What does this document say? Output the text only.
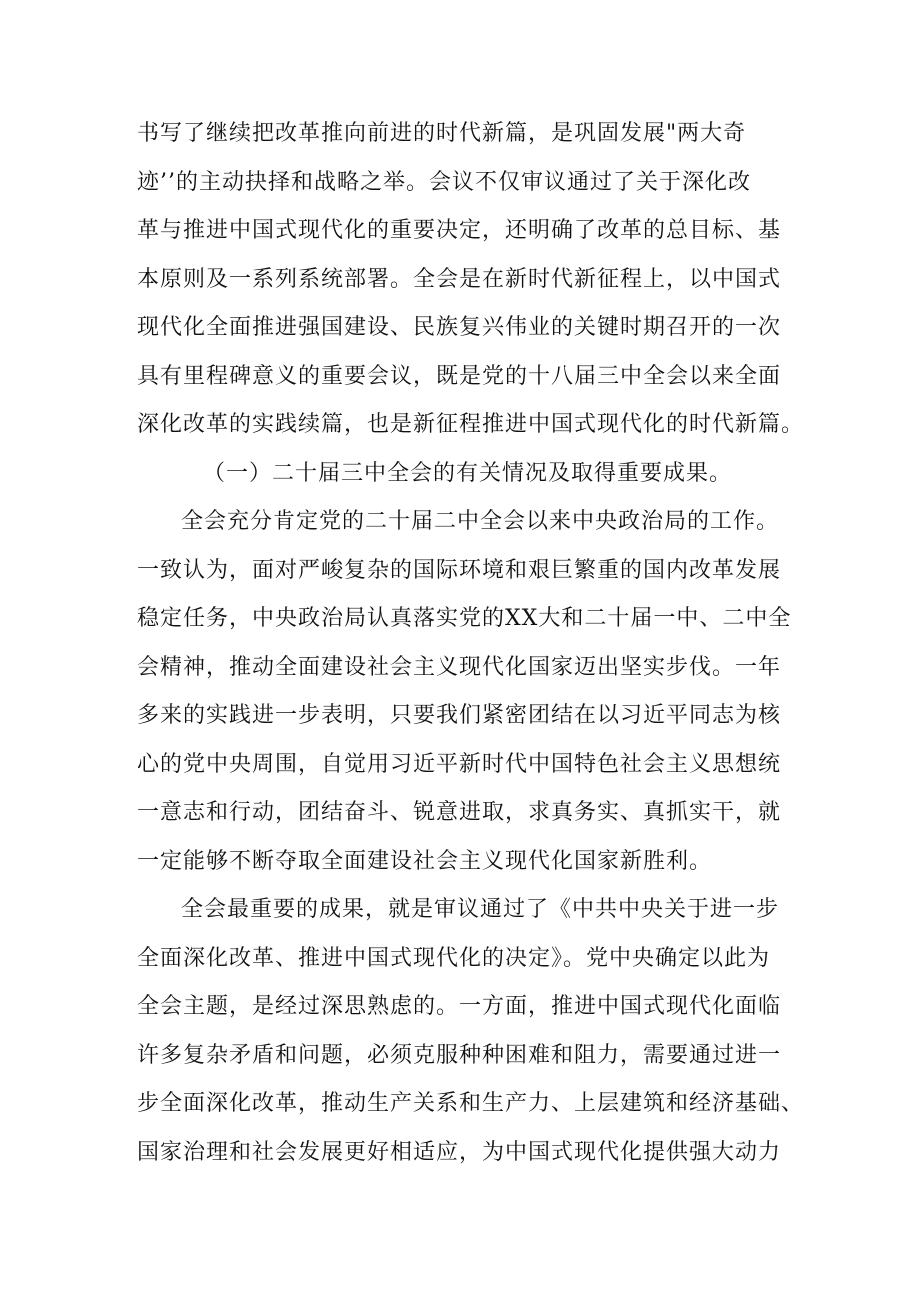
书写了继续把改革推向前进的时代新篇，是巩固发展"两大奇
迹’’的主动抉择和战略之举。会议不仅审议通过了关于深化改
革与推进中国式现代化的重要决定，还明确了改革的总目标、基
本原则及一系列系统部署。全会是在新时代新征程上，以中国式
现代化全面推进强国建设、民族复兴伟业的关键时期召开的一次
具有里程碑意义的重要会议，既是党的十八届三中全会以来全面
深化改革的实践续篇，也是新征程推进中国式现代化的时代新篇。
（一）二十届三中全会的有关情况及取得重要成果。
全会充分肯定党的二十届二中全会以来中央政治局的工作。
一致认为，面对严峻复杂的国际环境和艰巨繁重的国内改革发展
稳定任务，中央政治局认真落实党的XX大和二十届一中、二中全
会精神，推动全面建设社会主义现代化国家迈出坚实步伐。一年
多来的实践进一步表明，只要我们紧密团结在以习近平同志为核
心的党中央周围，自觉用习近平新时代中国特色社会主义思想统
一意志和行动，团结奋斗、锐意进取，求真务实、真抓实干，就
一定能够不断夺取全面建设社会主义现代化国家新胜利。
全会最重要的成果，就是审议通过了《中共中央关于进一步
全面深化改革、推进中国式现代化的决定》。党中央确定以此为
全会主题，是经过深思熟虑的。一方面，推进中国式现代化面临
许多复杂矛盾和问题，必须克服种种困难和阻力，需要通过进一
步全面深化改革，推动生产关系和生产力、上层建筑和经济基础、
国家治理和社会发展更好相适应，为中国式现代化提供强大动力
